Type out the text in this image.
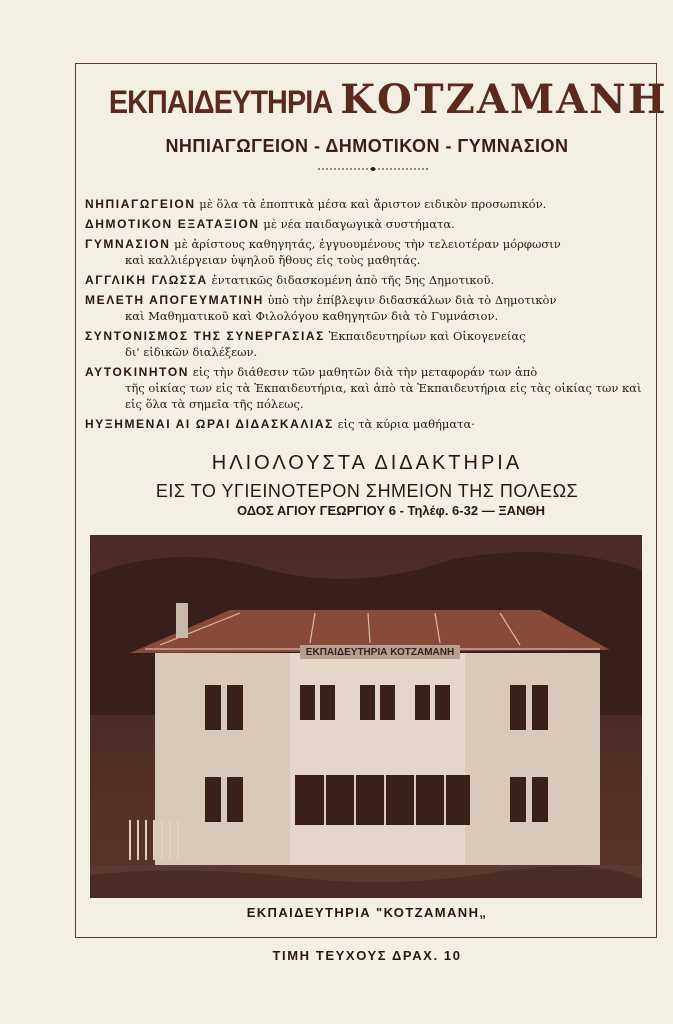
ΕΚΠΑΙΔΕΥΤΗΡΙΑ ΚΟΤΖΑΜΑΝΗ
ΝΗΠΙΑΓΩΓΕΙΟΝ - ΔΗΜΟΤΙΚΟΝ - ΓΥΜΝΑΣΙΟΝ
ΝΗΠΙΑΓΩΓΕΙΟΝ μὲ ὅλα τὰ ἐποπτικὰ μέσα καὶ ἄριστον ειδικὸν προσωπικόν.
ΔΗΜΟΤΙΚΟΝ ΕΞΑΤΑΞΙΟΝ μὲ νέα παιδαγωγικὰ συστήματα.
ΓΥΜΝΑΣΙΟΝ μὲ ἀρίστους καθηγητάς, ἐγγυουμένους τὴν τελειοτέραν μόρφωσιν
καὶ καλλιέργειαν ὑψηλοῦ ἤθους εἰς τοὺς μαθητάς.
ΑΓΓΛΙΚΗ ΓΛΩΣΣΑ ἐντατικῶς διδασκομένη ἀπὸ τῆς 5ης Δημοτικοῦ.
ΜΕΛΕΤΗ ΑΠΟΓΕΥΜΑΤΙΝΗ ὑπὸ τὴν ἐπίβλεψιν διδασκάλων διὰ τὸ Δημοτικὸν
καὶ Μαθηματικοῦ καὶ Φιλολόγου καθηγητῶν διὰ τὸ Γυμνάσιον.
ΣΥΝΤΟΝΙΣΜΟΣ ΤΗΣ ΣΥΝΕΡΓΑΣΙΑΣ Ἐκπαιδευτηρίων καὶ Οἰκογενείας
δι' εἰδικῶν διαλέξεων.
ΑΥΤΟΚΙΝΗΤΟΝ εἰς τὴν διάθεσιν τῶν μαθητῶν διὰ τὴν μεταφοράν των ἀπὸ
τῆς οἰκίας των εἰς τὰ Ἐκπαιδευτήρια, καὶ ἀπὸ τὰ Ἐκπαιδευτήρια εἰς τὰς οἰκίας των καὶ εἰς ὅλα τὰ σημεῖα τῆς πόλεως.
ΗΥΞΗΜΕΝΑΙ ΑΙ ΩΡΑΙ ΔΙΔΑΣΚΑΛΙΑΣ εἰς τὰ κύρια μαθήματα·
ΗΛΙΟΛΟΥΣΤΑ ΔΙΔΑΚΤΗΡΙΑ
ΕΙΣ ΤΟ ΥΓΙΕΙΝΟΤΕΡΟΝ ΣΗΜΕΙΟΝ ΤΗΣ ΠΟΛΕΩΣ
ΟΔΟΣ ΑΓΙΟΥ ΓΕΩΡΓΙΟΥ 6 - Τηλέφ. 6-32 — ΞΑΝΘΗ
ΕΚΠΑΙΔΕΥΤΗΡΙΑ ΚΟΤΖΑΜΑΝΗ
ΕΚΠΑΙΔΕΥΤΗΡΙΑ "ΚΟΤΖΑΜΑΝΗ„
ΤΙΜΗ ΤΕΥΧΟΥΣ ΔΡΑΧ. 10
